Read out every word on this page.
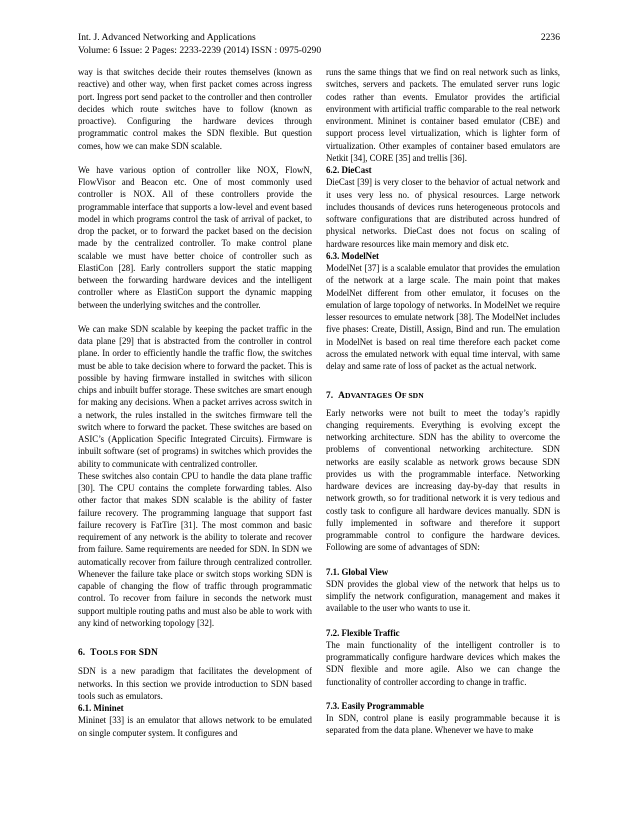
Int. J. Advanced Networking and Applications
Volume: 6 Issue: 2 Pages: 2233-2239 (2014) ISSN : 0975-0290
2236

way is that switches decide their routes themselves (known as reactive) and other way, when first packet comes across ingress port. Ingress port send packet to the controller and then controller decides which route switches have to follow (known as proactive). Configuring the hardware devices through programmatic control makes the SDN flexible. But question comes, how we can make SDN scalable.

We have various option of controller like NOX, FlowN, FlowVisor and Beacon etc. One of most commonly used controller is NOX. All of these controllers provide the programmable interface that supports a low-level and event based model in which programs control the task of arrival of packet, to drop the packet, or to forward the packet based on the decision made by the centralized controller. To make control plane scalable we must have better choice of controller such as ElastiCon [28]. Early controllers support the static mapping between the forwarding hardware devices and the intelligent controller where as ElastiCon support the dynamic mapping between the underlying switches and the controller.

We can make SDN scalable by keeping the packet traffic in the data plane [29] that is abstracted from the controller in control plane. In order to efficiently handle the traffic flow, the switches must be able to take decision where to forward the packet. This is possible by having firmware installed in switches with silicon chips and inbuilt buffer storage. These switches are smart enough for making any decisions. When a packet arrives across switch in a network, the rules installed in the switches firmware tell the switch where to forward the packet. These switches are based on ASIC’s (Application Specific Integrated Circuits). Firmware is inbuilt software (set of programs) in switches which provides the ability to communicate with centralized controller.

These switches also contain CPU to handle the data plane traffic [30]. The CPU contains the complete forwarding tables. Also other factor that makes SDN scalable is the ability of faster failure recovery. The programming language that support fast failure recovery is FatTire [31]. The most common and basic requirement of any network is the ability to tolerate and recover from failure. Same requirements are needed for SDN. In SDN we automatically recover from failure through centralized controller. Whenever the failure take place or switch stops working SDN is capable of changing the flow of traffic through programmatic control. To recover from failure in seconds the network must support multiple routing paths and must also be able to work with any kind of networking topology [32].

6. TOOLS FOR SDN

SDN is a new paradigm that facilitates the development of networks. In this section we provide introduction to SDN based tools such as emulators.

6.1. Mininet

Mininet [33] is an emulator that allows network to be emulated on single computer system. It configures and

runs the same things that we find on real network such as links, switches, servers and packets. The emulated server runs logic codes rather than events. Emulator provides the artificial environment with artificial traffic comparable to the real network environment. Mininet is container based emulator (CBE) and support process level virtualization, which is lighter form of virtualization. Other examples of container based emulators are Netkit [34], CORE [35] and trellis [36].

6.2. DieCast

DieCast [39] is very closer to the behavior of actual network and it uses very less no. of physical resources. Large network includes thousands of devices runs heterogeneous protocols and software configurations that are distributed across hundred of physical networks. DieCast does not focus on scaling of hardware resources like main memory and disk etc.

6.3. ModelNet

ModelNet [37] is a scalable emulator that provides the emulation of the network at a large scale. The main point that makes ModelNet different from other emulator, it focuses on the emulation of large topology of networks. In ModelNet we require lesser resources to emulate network [38]. The ModelNet includes five phases: Create, Distill, Assign, Bind and run. The emulation in ModelNet is based on real time therefore each packet come across the emulated network with equal time interval, with same delay and same rate of loss of packet as the actual network.

7. ADVANTAGES OF SDN

Early networks were not built to meet the today’s rapidly changing requirements. Everything is evolving except the networking architecture. SDN has the ability to overcome the problems of conventional networking architecture. SDN networks are easily scalable as network grows because SDN provides us with the programmable interface. Networking hardware devices are increasing day-by-day that results in network growth, so for traditional network it is very tedious and costly task to configure all hardware devices manually. SDN is fully implemented in software and therefore it support programmable control to configure the hardware devices. Following are some of advantages of SDN:

7.1. Global View

SDN provides the global view of the network that helps us to simplify the network configuration, management and makes it available to the user who wants to use it.

7.2. Flexible Traffic

The main functionality of the intelligent controller is to programmatically configure hardware devices which makes the SDN flexible and more agile. Also we can change the functionality of controller according to change in traffic.

7.3. Easily Programmable

In SDN, control plane is easily programmable because it is separated from the data plane. Whenever we have to make
